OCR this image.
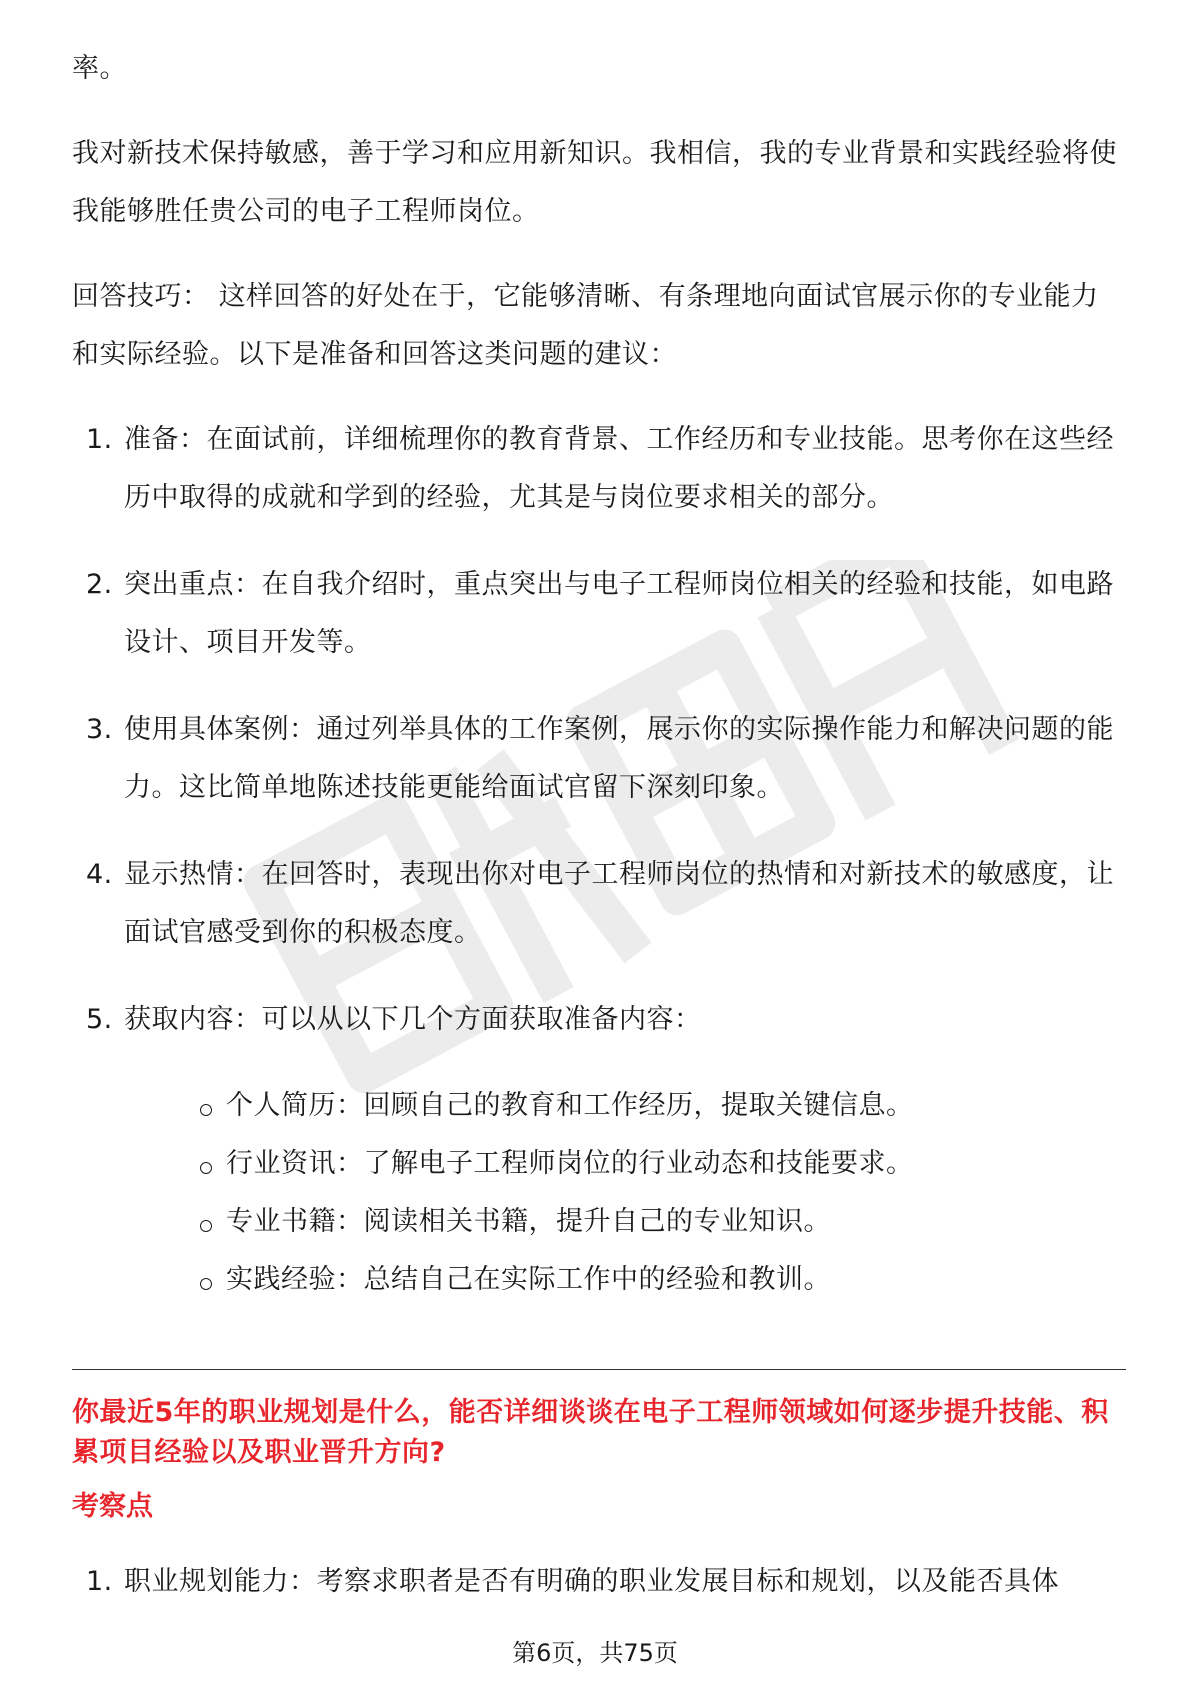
率。

我对新技术保持敏感，善于学习和应用新知识。我相信，我的专业背景和实践经验将使我能够胜任贵公司的电子工程师岗位。

回答技巧： 这样回答的好处在于，它能够清晰、有条理地向面试官展示你的专业能力和实际经验。以下是准备和回答这类问题的建议：

1. 准备：在面试前，详细梳理你的教育背景、工作经历和专业技能。思考你在这些经历中取得的成就和学到的经验，尤其是与岗位要求相关的部分。
2. 突出重点：在自我介绍时，重点突出与电子工程师岗位相关的经验和技能，如电路设计、项目开发等。
3. 使用具体案例：通过列举具体的工作案例，展示你的实际操作能力和解决问题的能力。这比简单地陈述技能更能给面试官留下深刻印象。
4. 显示热情：在回答时，表现出你对电子工程师岗位的热情和对新技术的敏感度，让面试官感受到你的积极态度。
5. 获取内容：可以从以下几个方面获取准备内容：
个人简历：回顾自己的教育和工作经历，提取关键信息。
行业资讯：了解电子工程师岗位的行业动态和技能要求。
专业书籍：阅读相关书籍，提升自己的专业知识。
实践经验：总结自己在实际工作中的经验和教训。
你最近5年的职业规划是什么，能否详细谈谈在电子工程师领域如何逐步提升技能、积累项目经验以及职业晋升方向?
考察点
1. 职业规划能力：考察求职者是否有明确的职业发展目标和规划，以及能否具体
第6页，共75页
